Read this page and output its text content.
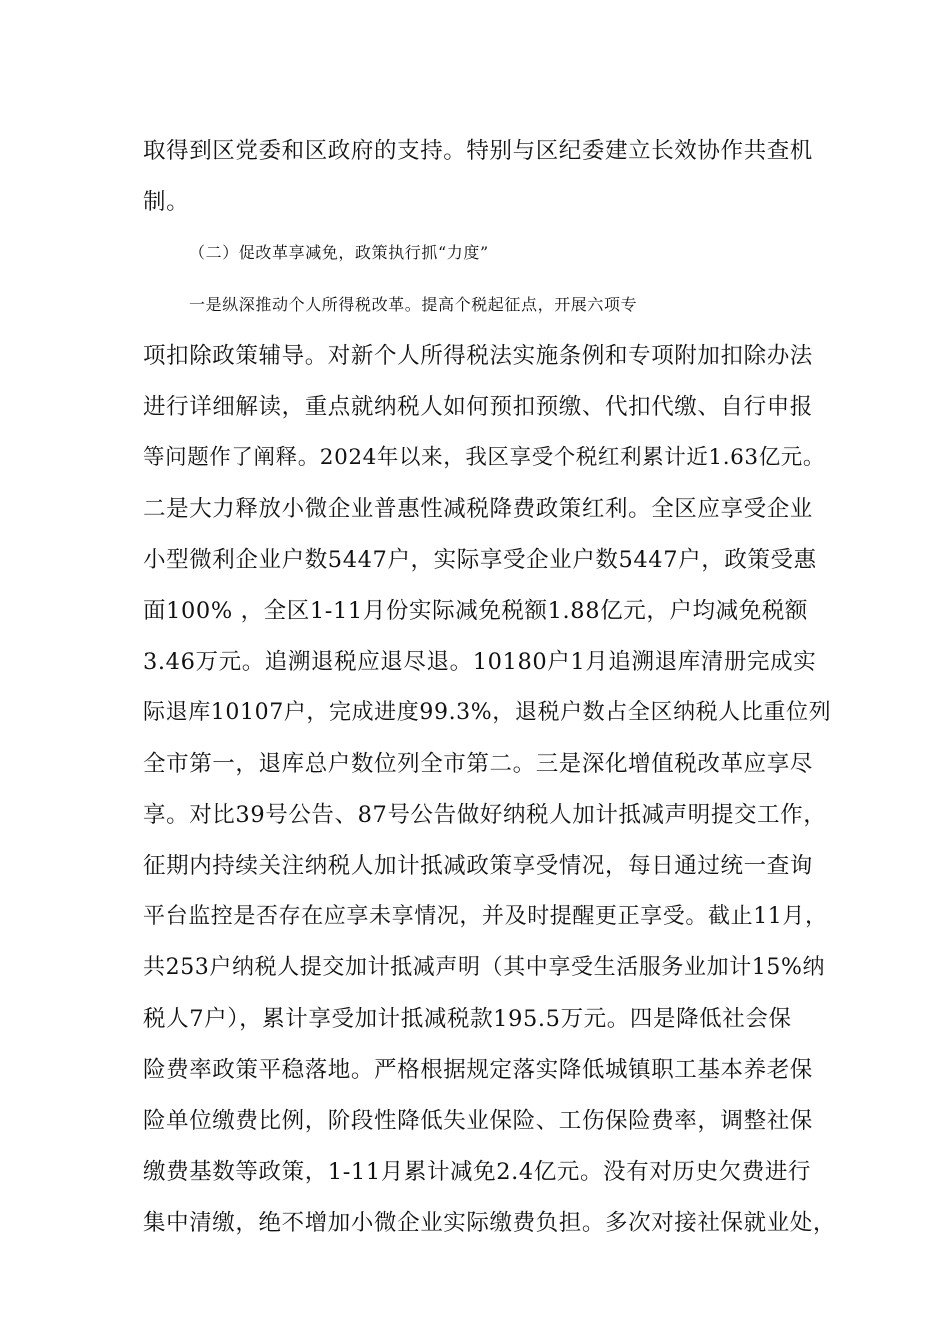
取得到区党委和区政府的支持。特别与区纪委建立长效协作共查机
制。
（二）促改革享减免，政策执行抓“力度”
一是纵深推动个人所得税改革。提高个税起征点，开展六项专
项扣除政策辅导。对新个人所得税法实施条例和专项附加扣除办法
进行详细解读，重点就纳税人如何预扣预缴、代扣代缴、自行申报
等问题作了阐释。2024年以来，我区享受个税红利累计近1.63亿元。
二是大力释放小微企业普惠性减税降费政策红利。全区应享受企业
小型微利企业户数5447户，实际享受企业户数5447户，政策受惠
面100% ，全区1-11月份实际减免税额1.88亿元，户均减免税额
3.46万元。追溯退税应退尽退。10180户1月追溯退库清册完成实
际退库10107户，完成进度99.3%，退税户数占全区纳税人比重位列
全市第一，退库总户数位列全市第二。三是深化增值税改革应享尽
享。对比39号公告、87号公告做好纳税人加计抵减声明提交工作，
征期内持续关注纳税人加计抵减政策享受情况，每日通过统一查询
平台监控是否存在应享未享情况，并及时提醒更正享受。截止11月，
共253户纳税人提交加计抵减声明（其中享受生活服务业加计15%纳
税人7户），累计享受加计抵减税款195.5万元。四是降低社会保
险费率政策平稳落地。严格根据规定落实降低城镇职工基本养老保
险单位缴费比例，阶段性降低失业保险、工伤保险费率，调整社保
缴费基数等政策，1-11月累计减免2.4亿元。没有对历史欠费进行
集中清缴，绝不增加小微企业实际缴费负担。多次对接社保就业处，
